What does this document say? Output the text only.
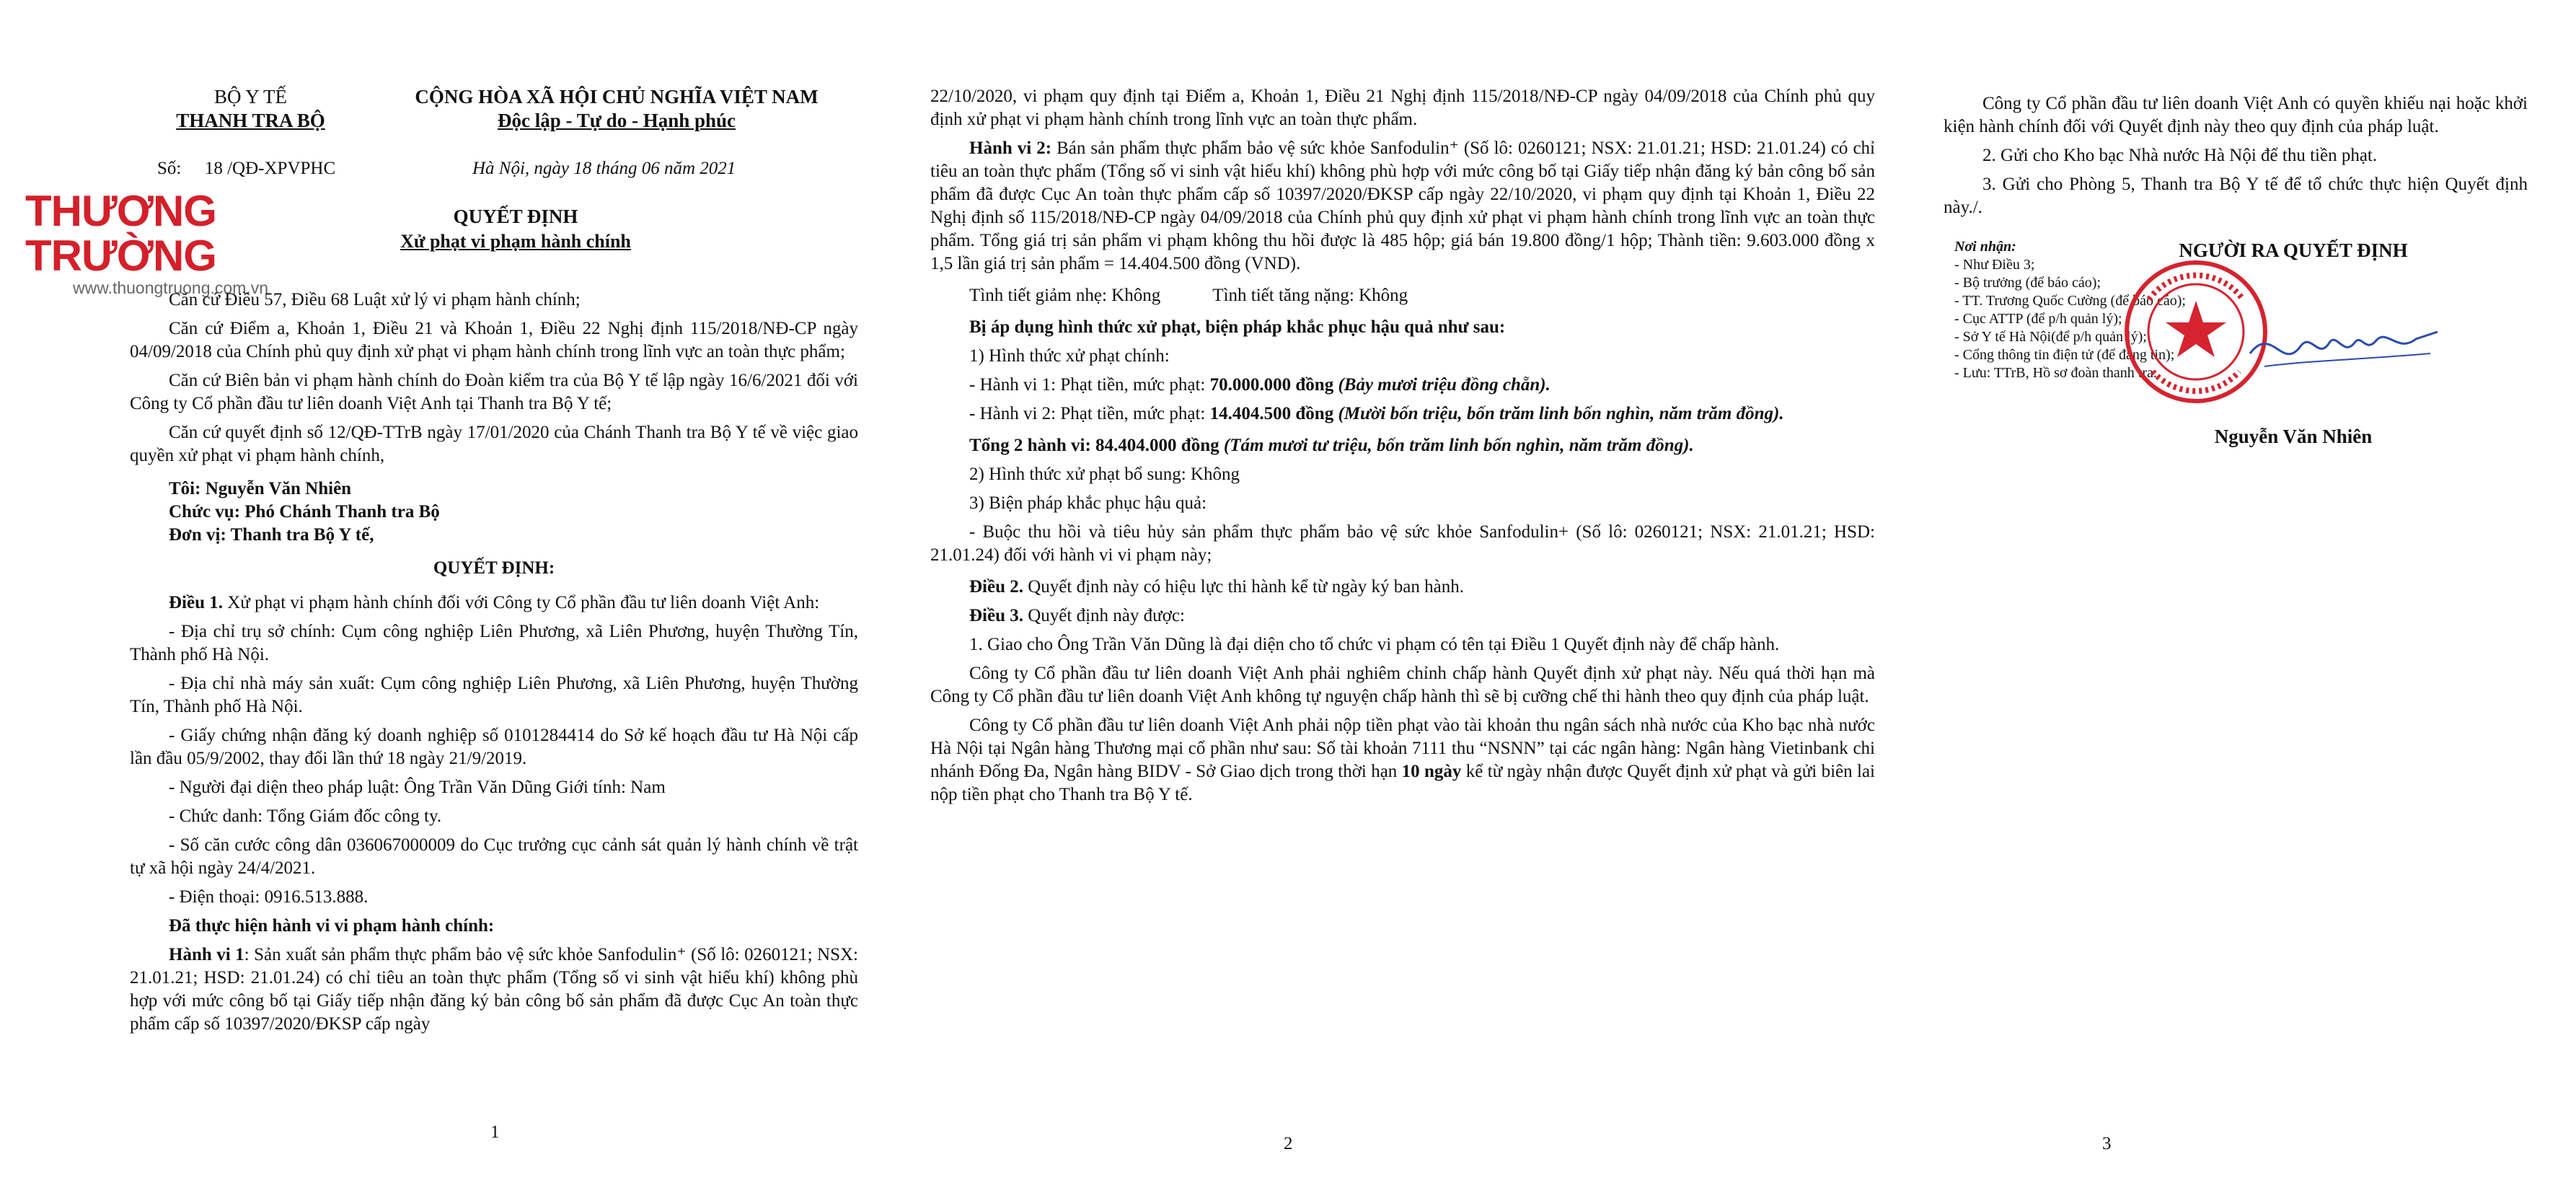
BỘ Y TẾ
THANH TRA BỘ
CỘNG HÒA XÃ HỘI CHỦ NGHĨA VIỆT NAM
Độc lập - Tự do - Hạnh phúc
Số: 18 /QĐ-XPVPHC	Hà Nội, ngày 18 tháng 06 năm 2021
THƯƠNG TRƯỜNG
www.thuongtruong.com.vn
QUYẾT ĐỊNH
Xử phạt vi phạm hành chính

Căn cứ Điều 57, Điều 68 Luật xử lý vi phạm hành chính;

Căn cứ Điểm a, Khoản 1, Điều 21 và Khoản 1, Điều 22 Nghị định 115/2018/NĐ-CP ngày 04/09/2018 của Chính phủ quy định xử phạt vi phạm hành chính trong lĩnh vực an toàn thực phẩm;

Căn cứ Biên bản vi phạm hành chính do Đoàn kiểm tra của Bộ Y tế lập ngày 16/6/2021 đối với Công ty Cổ phần đầu tư liên doanh Việt Anh tại Thanh tra Bộ Y tế;

Căn cứ quyết định số 12/QĐ-TTrB ngày 17/01/2020 của Chánh Thanh tra Bộ Y tế về việc giao quyền xử phạt vi phạm hành chính,

Tôi: Nguyễn Văn Nhiên
Chức vụ: Phó Chánh Thanh tra Bộ
Đơn vị: Thanh tra Bộ Y tế,
QUYẾT ĐỊNH:

Điều 1. Xử phạt vi phạm hành chính đối với Công ty Cổ phần đầu tư liên doanh Việt Anh:

- Địa chỉ trụ sở chính: Cụm công nghiệp Liên Phương, xã Liên Phương, huyện Thường Tín, Thành phố Hà Nội.

- Địa chỉ nhà máy sản xuất: Cụm công nghiệp Liên Phương, xã Liên Phương, huyện Thường Tín, Thành phố Hà Nội.

- Giấy chứng nhận đăng ký doanh nghiệp số 0101284414 do Sở kế hoạch đầu tư Hà Nội cấp lần đầu 05/9/2002, thay đổi lần thứ 18 ngày 21/9/2019.

- Người đại diện theo pháp luật: Ông Trần Văn Dũng Giới tính: Nam

- Chức danh: Tổng Giám đốc công ty.

- Số căn cước công dân 036067000009 do Cục trưởng cục cảnh sát quản lý hành chính về trật tự xã hội ngày 24/4/2021.

- Điện thoại: 0916.513.888.

Đã thực hiện hành vi vi phạm hành chính:

Hành vi 1: Sản xuất sản phẩm thực phẩm bảo vệ sức khỏe Sanfodulin⁺ (Số lô: 0260121; NSX: 21.01.21; HSD: 21.01.24) có chỉ tiêu an toàn thực phẩm (Tổng số vi sinh vật hiếu khí) không phù hợp với mức công bố tại Giấy tiếp nhận đăng ký bản công bố sản phẩm đã được Cục An toàn thực phẩm cấp số 10397/2020/ĐKSP cấp ngày

1

22/10/2020, vi phạm quy định tại Điểm a, Khoản 1, Điều 21 Nghị định 115/2018/NĐ-CP ngày 04/09/2018 của Chính phủ quy định xử phạt vi phạm hành chính trong lĩnh vực an toàn thực phẩm.

Hành vi 2: Bán sản phẩm thực phẩm bảo vệ sức khỏe Sanfodulin⁺ (Số lô: 0260121; NSX: 21.01.21; HSD: 21.01.24) có chỉ tiêu an toàn thực phẩm (Tổng số vi sinh vật hiếu khí) không phù hợp với mức công bố tại Giấy tiếp nhận đăng ký bản công bố sản phẩm đã được Cục An toàn thực phẩm cấp số 10397/2020/ĐKSP cấp ngày 22/10/2020, vi phạm quy định tại Khoản 1, Điều 22 Nghị định số 115/2018/NĐ-CP ngày 04/09/2018 của Chính phủ quy định xử phạt vi phạm hành chính trong lĩnh vực an toàn thực phẩm. Tổng giá trị sản phẩm vi phạm không thu hồi được là 485 hộp; giá bán 19.800 đồng/1 hộp; Thành tiền: 9.603.000 đồng x 1,5 lần giá trị sản phẩm = 14.404.500 đồng (VND).

Tình tiết giảm nhẹ: Không	Tình tiết tăng nặng: Không

Bị áp dụng hình thức xử phạt, biện pháp khắc phục hậu quả như sau:

1) Hình thức xử phạt chính:

- Hành vi 1: Phạt tiền, mức phạt: 70.000.000 đồng (Bảy mươi triệu đồng chẵn).

- Hành vi 2: Phạt tiền, mức phạt: 14.404.500 đồng (Mười bốn triệu, bốn trăm linh bốn nghìn, năm trăm đồng).

Tổng 2 hành vi: 84.404.000 đồng (Tám mươi tư triệu, bốn trăm linh bốn nghìn, năm trăm đồng).

2) Hình thức xử phạt bổ sung: Không

3) Biện pháp khắc phục hậu quả:

- Buộc thu hồi và tiêu hủy sản phẩm thực phẩm bảo vệ sức khỏe Sanfodulin+ (Số lô: 0260121; NSX: 21.01.21; HSD: 21.01.24) đối với hành vi vi phạm này;

Điều 2. Quyết định này có hiệu lực thi hành kể từ ngày ký ban hành.

Điều 3. Quyết định này được:

1. Giao cho Ông Trần Văn Dũng là đại diện cho tổ chức vi phạm có tên tại Điều 1 Quyết định này để chấp hành.

Công ty Cổ phần đầu tư liên doanh Việt Anh phải nghiêm chỉnh chấp hành Quyết định xử phạt này. Nếu quá thời hạn mà Công ty Cổ phần đầu tư liên doanh Việt Anh không tự nguyện chấp hành thì sẽ bị cưỡng chế thi hành theo quy định của pháp luật.

Công ty Cổ phần đầu tư liên doanh Việt Anh phải nộp tiền phạt vào tài khoản thu ngân sách nhà nước của Kho bạc nhà nước Hà Nội tại Ngân hàng Thương mại cổ phần như sau: Số tài khoản 7111 thu “NSNN” tại các ngân hàng: Ngân hàng Vietinbank chi nhánh Đống Đa, Ngân hàng BIDV - Sở Giao dịch trong thời hạn 10 ngày kể từ ngày nhận được Quyết định xử phạt và gửi biên lai nộp tiền phạt cho Thanh tra Bộ Y tế.

2

Công ty Cổ phần đầu tư liên doanh Việt Anh có quyền khiếu nại hoặc khởi kiện hành chính đối với Quyết định này theo quy định của pháp luật.

2. Gửi cho Kho bạc Nhà nước Hà Nội để thu tiền phạt.

3. Gửi cho Phòng 5, Thanh tra Bộ Y tế để tổ chức thực hiện Quyết định này./.

Nơi nhận:
- Như Điều 3;
- Bộ trưởng (để báo cáo);
- TT. Trương Quốc Cường (để báo cáo);
- Cục ATTP (để p/h quản lý);
- Sở Y tế Hà Nội(để p/h quản lý);
- Cổng thông tin điện tử (để đăng tin);
- Lưu: TTrB, Hồ sơ đoàn thanh tra.
NGƯỜI RA QUYẾT ĐỊNH
Nguyễn Văn Nhiên
3
